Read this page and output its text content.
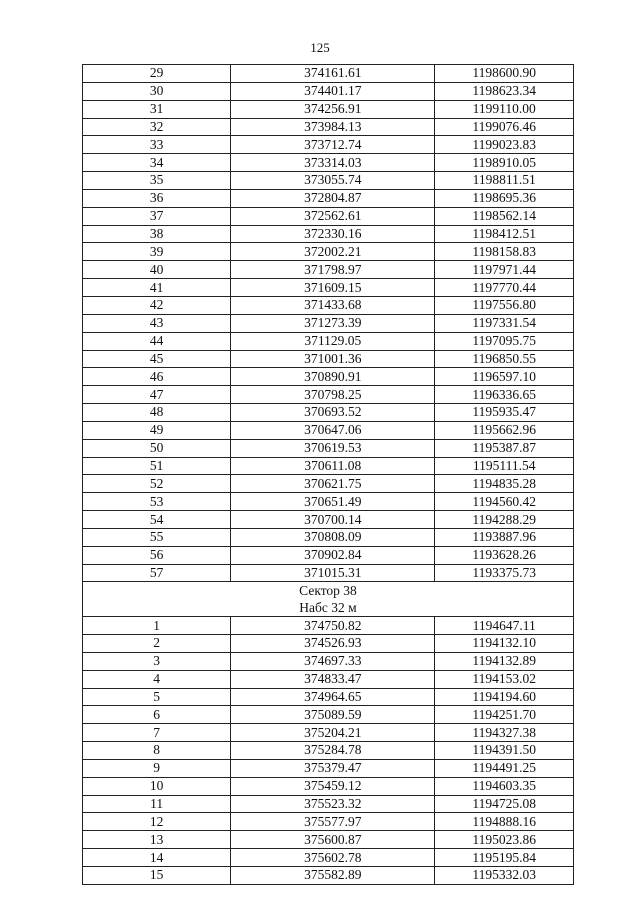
125
29	374161.61	1198600.90
30	374401.17	1198623.34
31	374256.91	1199110.00
32	373984.13	1199076.46
33	373712.74	1199023.83
34	373314.03	1198910.05
35	373055.74	1198811.51
36	372804.87	1198695.36
37	372562.61	1198562.14
38	372330.16	1198412.51
39	372002.21	1198158.83
40	371798.97	1197971.44
41	371609.15	1197770.44
42	371433.68	1197556.80
43	371273.39	1197331.54
44	371129.05	1197095.75
45	371001.36	1196850.55
46	370890.91	1196597.10
47	370798.25	1196336.65
48	370693.52	1195935.47
49	370647.06	1195662.96
50	370619.53	1195387.87
51	370611.08	1195111.54
52	370621.75	1194835.28
53	370651.49	1194560.42
54	370700.14	1194288.29
55	370808.09	1193887.96
56	370902.84	1193628.26
57	371015.31	1193375.73
Сектор 38		
Набс 32 м		
1	374750.82	1194647.11
2	374526.93	1194132.10
3	374697.33	1194132.89
4	374833.47	1194153.02
5	374964.65	1194194.60
6	375089.59	1194251.70
7	375204.21	1194327.38
8	375284.78	1194391.50
9	375379.47	1194491.25
10	375459.12	1194603.35
11	375523.32	1194725.08
12	375577.97	1194888.16
13	375600.87	1195023.86
14	375602.78	1195195.84
15	375582.89	1195332.03
